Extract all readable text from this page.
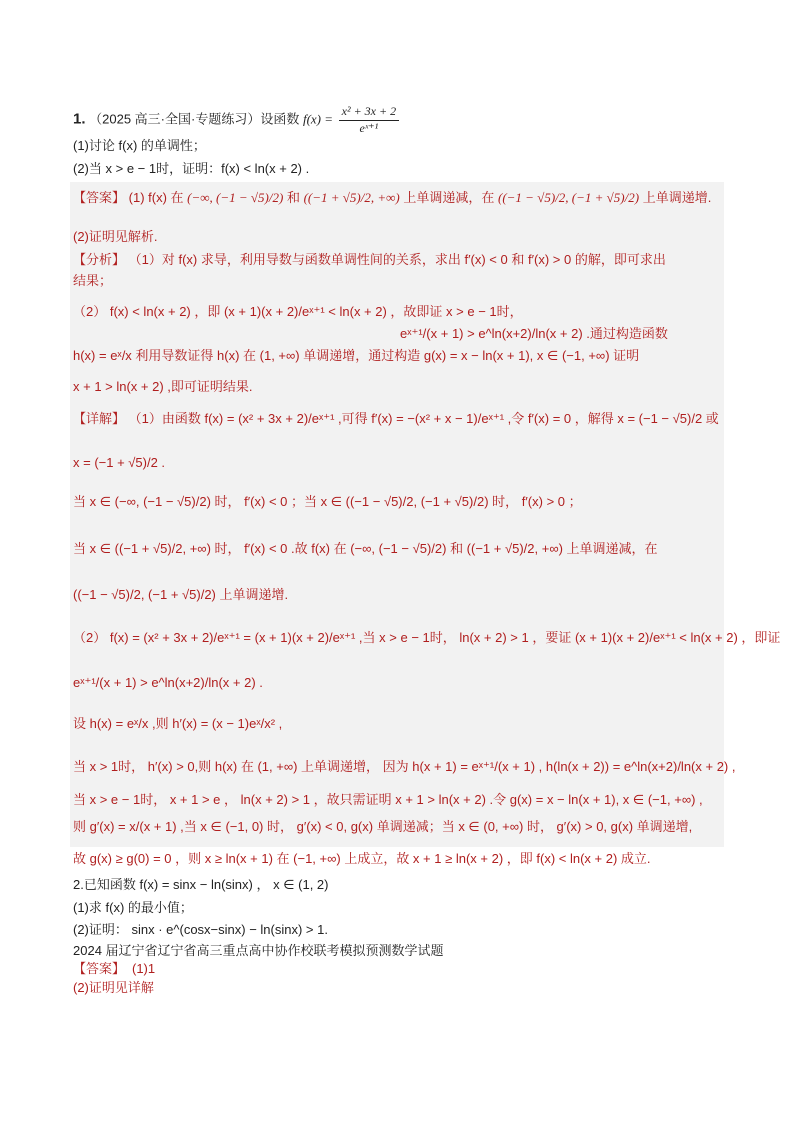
1. （2025 高三·全国·专题练习）设函数 $f(x) = \frac{\text{x² + 3x + 2}}{\text{eˣ⁺¹}}$
(1)讨论 f(x) 的单调性；
(2)当 x > e − 1时，证明：f(x) < ln(x + 2) .
【答案】 (1) f(x) 在 (−∞, (−1 − √5)/2) 和 ((−1 + √5)/2, +∞) 上单调递减，在 ((−1 − √5)/2, (−1 + √5)/2) 上单调递增.
(2)证明见解析.
【分析】 （1）对 f(x) 求导，利用导数与函数单调性间的关系，求出 f′(x) < 0 和 f′(x) > 0 的解，即可求出
结果；
（2） f(x) < ln(x + 2) ，即 (x + 1)(x + 2)/eˣ⁺¹ < ln(x + 2) ，故即证 x > e − 1时，
eˣ⁺¹/(x + 1) > e^ln(x+2)/ln(x + 2) .通过构造函数
h(x) = eˣ/x 利用导数证得 h(x) 在 (1, +∞) 单调递增，通过构造 g(x) = x − ln(x + 1), x ∈ (−1, +∞) 证明
x + 1 > ln(x + 2) ,即可证明结果.
【详解】 （1）由函数 f(x) = (x² + 3x + 2)/eˣ⁺¹ ,可得 f′(x) = −(x² + x − 1)/eˣ⁺¹ ,令 f′(x) = 0 ，解得 x = (−1 − √5)/2 或
x = (−1 + √5)/2 .
当 x ∈ (−∞, (−1 − √5)/2) 时， f′(x) < 0 ；当 x ∈ ((−1 − √5)/2, (−1 + √5)/2) 时， f′(x) > 0 ；
当 x ∈ ((−1 + √5)/2, +∞) 时， f′(x) < 0 .故 f(x) 在 (−∞, (−1 − √5)/2) 和 ((−1 + √5)/2, +∞) 上单调递减，在
((−1 − √5)/2, (−1 + √5)/2) 上单调递增.
（2） f(x) = (x² + 3x + 2)/eˣ⁺¹ = (x + 1)(x + 2)/eˣ⁺¹ ,当 x > e − 1时， ln(x + 2) > 1 ，要证 (x + 1)(x + 2)/eˣ⁺¹ < ln(x + 2) ，即证
eˣ⁺¹/(x + 1) > e^ln(x+2)/ln(x + 2) .
设 h(x) = eˣ/x ,则 h′(x) = (x − 1)eˣ/x² ,
当 x > 1时， h′(x) > 0,则 h(x) 在 (1, +∞) 上单调递增， 因为 h(x + 1) = eˣ⁺¹/(x + 1) , h(ln(x + 2)) = e^ln(x+2)/ln(x + 2) ,
当 x > e − 1时， x + 1 > e ， ln(x + 2) > 1 ，故只需证明 x + 1 > ln(x + 2) .令 g(x) = x − ln(x + 1), x ∈ (−1, +∞) ,
则 g′(x) = x/(x + 1) ,当 x ∈ (−1, 0) 时， g′(x) < 0, g(x) 单调递减；当 x ∈ (0, +∞) 时， g′(x) > 0, g(x) 单调递增,
故 g(x) ≥ g(0) = 0 ，则 x ≥ ln(x + 1) 在 (−1, +∞) 上成立，故 x + 1 ≥ ln(x + 2) ，即 f(x) < ln(x + 2) 成立.
2.已知函数 f(x) = sinx − ln(sinx) ， x ∈ (1, 2)
(1)求 f(x) 的最小值；
(2)证明： sinx · e^(cosx−sinx) − ln(sinx) > 1.
2024 届辽宁省辽宁省高三重点高中协作校联考模拟预测数学试题
【答案】 (1)1
(2)证明见详解
